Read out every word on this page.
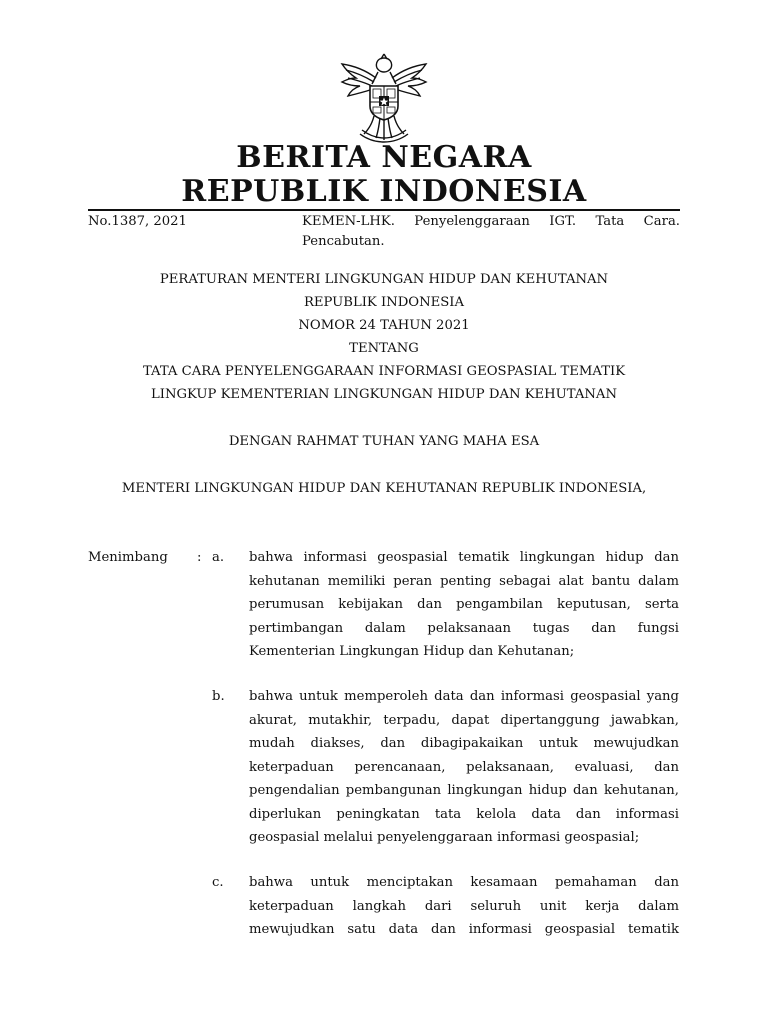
BERITA NEGARA
REPUBLIK INDONESIA
No.1387, 2021	KEMEN-LHK. Penyelenggaraan IGT. Tata Cara. Pencabutan.
PERATURAN MENTERI LINGKUNGAN HIDUP DAN KEHUTANAN
REPUBLIK INDONESIA
NOMOR 24 TAHUN 2021
TENTANG
TATA CARA PENYELENGGARAAN INFORMASI GEOSPASIAL TEMATIK
LINGKUP KEMENTERIAN LINGKUNGAN HIDUP DAN KEHUTANAN
DENGAN RAHMAT TUHAN YANG MAHA ESA
MENTERI LINGKUNGAN HIDUP DAN KEHUTANAN REPUBLIK INDONESIA,
Menimbang : a. bahwa informasi geospasial tematik lingkungan hidup dan kehutanan memiliki peran penting sebagai alat bantu dalam perumusan kebijakan dan pengambilan keputusan, serta pertimbangan dalam pelaksanaan tugas dan fungsi Kementerian Lingkungan Hidup dan Kehutanan;
b. bahwa untuk memperoleh data dan informasi geospasial yang akurat, mutakhir, terpadu, dapat dipertanggung jawabkan, mudah diakses, dan dibagipakaikan untuk mewujudkan keterpaduan perencanaan, pelaksanaan, evaluasi, dan pengendalian pembangunan lingkungan hidup dan kehutanan, diperlukan peningkatan tata kelola data dan informasi geospasial melalui penyelenggaraan informasi geospasial;
c. bahwa untuk menciptakan kesamaan pemahaman dan keterpaduan langkah dari seluruh unit kerja dalam mewujudkan satu data dan informasi geospasial tematik
